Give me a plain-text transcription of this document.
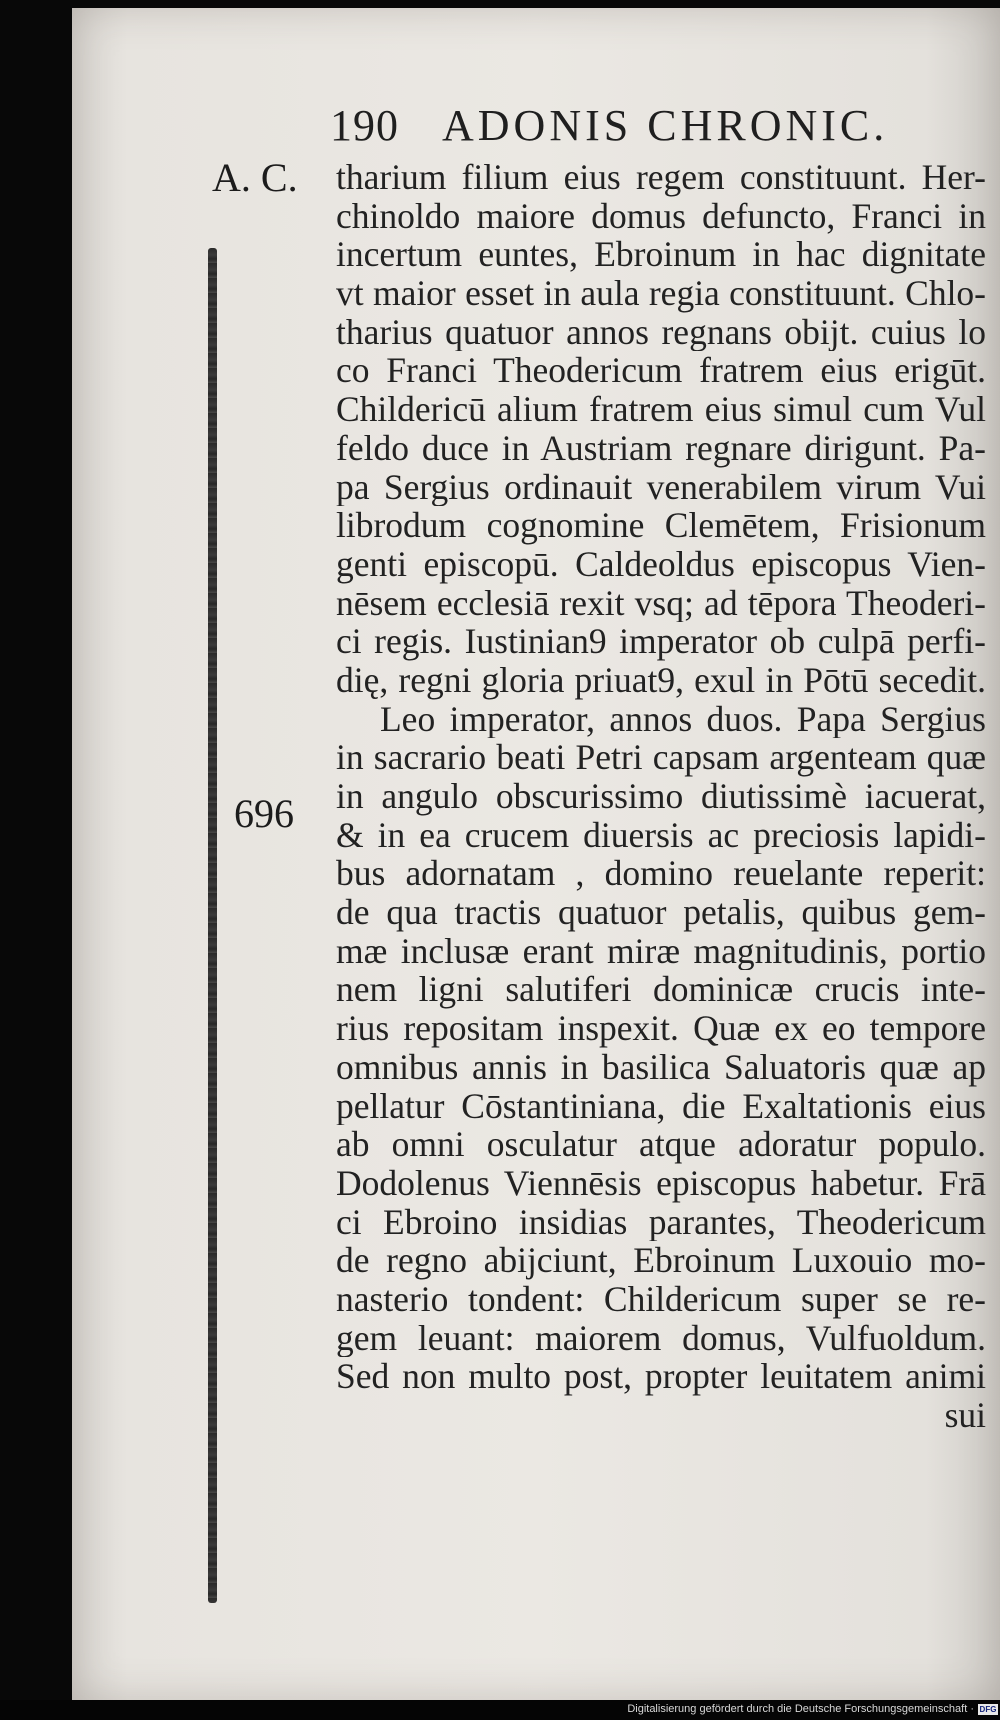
190 ADONIS CHRONIC.
A. C.
696
tharium filium eius regem constituunt. Her-
chinoldo maiore domus defuncto, Franci in
incertum euntes, Ebroinum in hac dignitate
vt maior esset in aula regia constituunt. Chlo-
tharius quatuor annos regnans obijt. cuius lo
co Franci Theodericum fratrem eius erigūt.
Childericū alium fratrem eius simul cum Vul
feldo duce in Austriam regnare dirigunt. Pa-
pa Sergius ordinauit venerabilem virum Vui
librodum cognomine Clemētem, Frisionum
genti episcopū. Caldeoldus episcopus Vien-
nēsem ecclesiā rexit vsq; ad tēpora Theoderi-
ci regis. Iustinian9 imperator ob culpā perfi-
dię, regni gloria priuat9, exul in Pōtū secedit.
Leo imperator, annos duos. Papa Sergius
in sacrario beati Petri capsam argenteam quæ
in angulo obscurissimo diutissimè iacuerat,
& in ea crucem diuersis ac preciosis lapidi-
bus adornatam , domino reuelante reperit:
de qua tractis quatuor petalis, quibus gem-
mæ inclusæ erant miræ magnitudinis, portio
nem ligni salutiferi dominicæ crucis inte-
rius repositam inspexit. Quæ ex eo tempore
omnibus annis in basilica Saluatoris quæ ap
pellatur Cōstantiniana, die Exaltationis eius
ab omni osculatur atque adoratur populo.
Dodolenus Viennēsis episcopus habetur. Frā
ci Ebroino insidias parantes, Theodericum
de regno abijciunt, Ebroinum Luxouio mo-
nasterio tondent: Childericum super se re-
gem leuant: maiorem domus, Vulfuoldum.
Sed non multo post, propter leuitatem animi
sui
Digitalisierung gefördert durch die Deutsche Forschungsgemeinschaft · DFG
